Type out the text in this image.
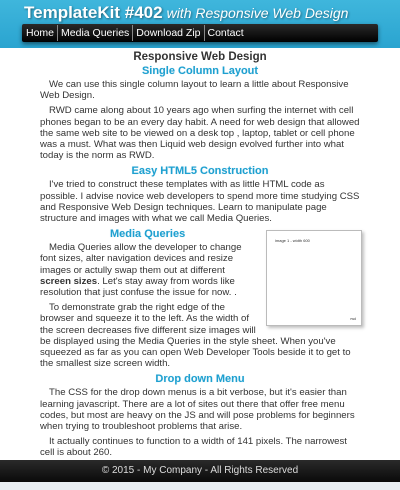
TemplateKit #402 with Responsive Web Design
Home Media Queries Download Zip Contact
Responsive Web Design
Single Column Layout

We can use this single column layout to learn a little about Responsive Web Design.

RWD came along about 10 years ago when surfing the internet with cell phones began to be an every day habit. A need for web design that allowed the same web site to be viewed on a desk top , laptop, tablet or cell phone was a must. What was then Liquid web design evolved further into what today is the norm as RWD.

Easy HTML5 Construction

I've tried to construct these templates with as little HTML code as possible. I advise novice web developers to spend more time studying CSS and Responsive Web Design techniques. Learn to manipulate page structure and images with what we call Media Queries.

image 1 - width 600
rwd
Media Queries

Media Queries allow the developer to change font sizes, alter navigation devices and resize images or actully swap them out at different screen sizes. Let's stay away from words like resolution that just confuse the issue for now. .

To demonstrate grab the right edge of the browser and squeeze it to the left. As the width of the screen decreases five different size images will be displayed using the Media Queries in the style sheet. When you've squeezed as far as you can open Web Developer Tools beside it to get to the smallest size screen width.

Drop down Menu

The CSS for the drop down menus is a bit verbose, but it's easier than learning javascript. There are a lot of sites out there that offer free menu codes, but most are heavy on the JS and will pose problems for beginners when trying to troubleshoot problems that arise.

It actually continues to function to a width of 141 pixels. The narrowest cell is about 260.

© 2015 - My Company - All Rights Reserved
